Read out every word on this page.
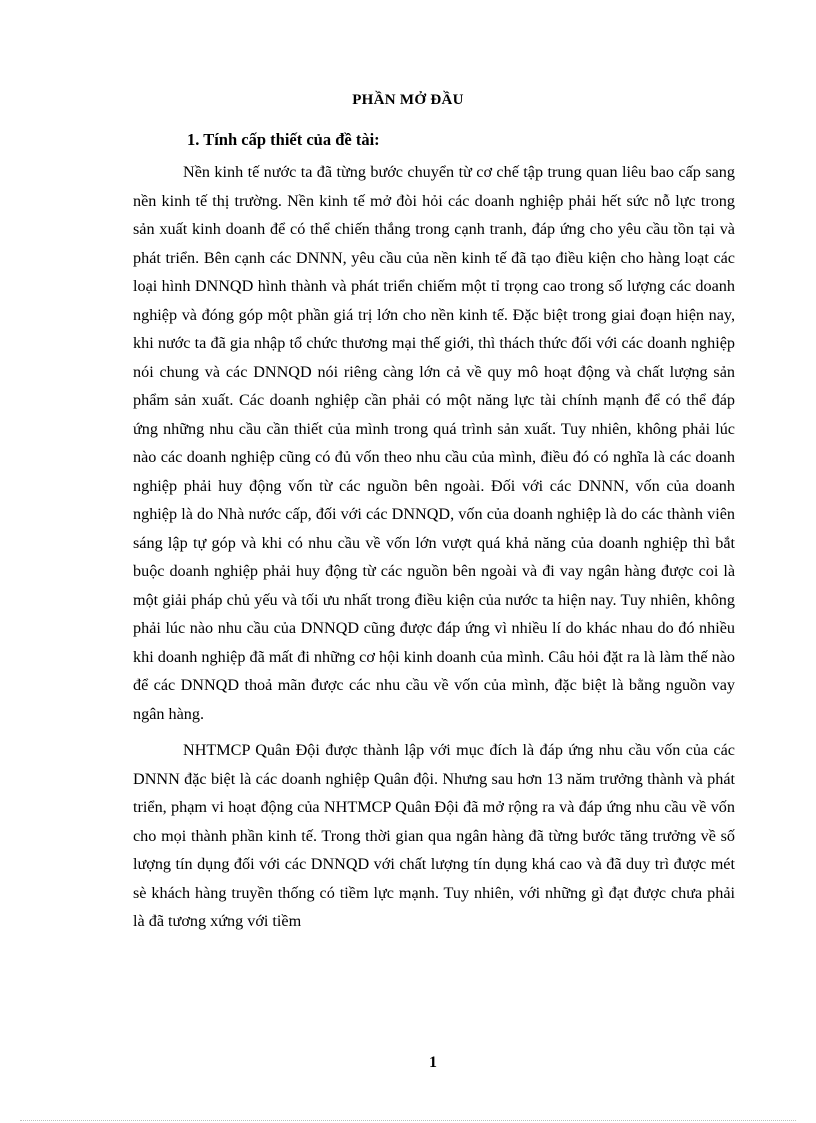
PHẦN MỞ ĐẦU
1. Tính cấp thiết của đề tài:

Nền kinh tế nước ta đã từng bước chuyển từ cơ chế tập trung quan liêu bao cấp sang nền kinh tế thị trường. Nền kinh tế mở đòi hỏi các doanh nghiệp phải hết sức nỗ lực trong sản xuất kinh doanh để có thể chiến thắng trong cạnh tranh, đáp ứng cho yêu cầu tồn tại và phát triển. Bên cạnh các DNNN, yêu cầu của nền kinh tế đã tạo điều kiện cho hàng loạt các loại hình DNNQD hình thành và phát triển chiếm một tỉ trọng cao trong số lượng các doanh nghiệp và đóng góp một phần giá trị lớn cho nền kinh tế. Đặc biệt trong giai đoạn hiện nay, khi nước ta đã gia nhập tổ chức thương mại thế giới, thì thách thức đối với các doanh nghiệp nói chung và các DNNQD nói riêng càng lớn cả về quy mô hoạt động và chất lượng sản phẩm sản xuất. Các doanh nghiệp cần phải có một năng lực tài chính mạnh để có thể đáp ứng những nhu cầu cần thiết của mình trong quá trình sản xuất. Tuy nhiên, không phải lúc nào các doanh nghiệp cũng có đủ vốn theo nhu cầu của mình, điều đó có nghĩa là các doanh nghiệp phải huy động vốn từ các nguồn bên ngoài. Đối với các DNNN, vốn của doanh nghiệp là do Nhà nước cấp, đối với các DNNQD, vốn của doanh nghiệp là do các thành viên sáng lập tự góp và khi có nhu cầu về vốn lớn vượt quá khả năng của doanh nghiệp thì bắt buộc doanh nghiệp phải huy động từ các nguồn bên ngoài và đi vay ngân hàng được coi là một giải pháp chủ yếu và tối ưu nhất trong điều kiện của nước ta hiện nay. Tuy nhiên, không phải lúc nào nhu cầu của DNNQD cũng được đáp ứng vì nhiều lí do khác nhau do đó nhiều khi doanh nghiệp đã mất đi những cơ hội kinh doanh của mình. Câu hỏi đặt ra là làm thế nào để các DNNQD thoả mãn được các nhu cầu về vốn của mình, đặc biệt là bằng nguồn vay ngân hàng.

NHTMCP Quân Đội được thành lập với mục đích là đáp ứng nhu cầu vốn của các DNNN đặc biệt là các doanh nghiệp Quân đội. Nhưng sau hơn 13 năm trưởng thành và phát triển, phạm vi hoạt động của NHTMCP Quân Đội đã mở rộng ra và đáp ứng nhu cầu về vốn cho mọi thành phần kinh tế. Trong thời gian qua ngân hàng đã từng bước tăng trưởng về số lượng tín dụng đối với các DNNQD với chất lượng tín dụng khá cao và đã duy trì được mét sè khách hàng truyền thống có tiềm lực mạnh. Tuy nhiên, với những gì đạt được chưa phải là đã tương xứng với tiềm

1
